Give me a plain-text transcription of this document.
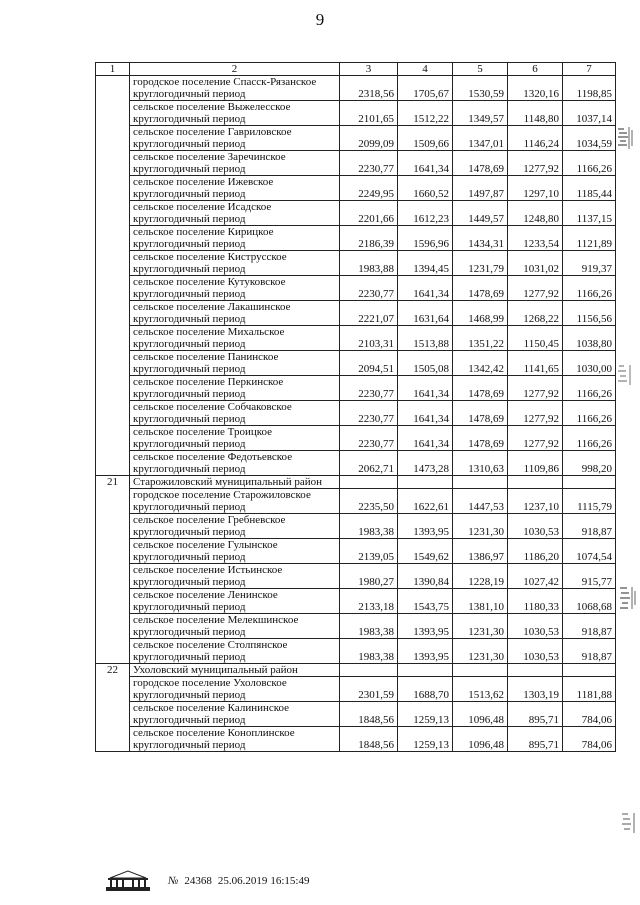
9
1	2	3	4	5	6	7
	городское поселение Спасск-Рязанское					
	круглогодичный период	2318,56	1705,67	1530,59	1320,16	1198,85
	сельское поселение Выжелесское					
	круглогодичный период	2101,65	1512,22	1349,57	1148,80	1037,14
	сельское поселение Гавриловское					
	круглогодичный период	2099,09	1509,66	1347,01	1146,24	1034,59
	сельское поселение Заречинское					
	круглогодичный период	2230,77	1641,34	1478,69	1277,92	1166,26
	сельское поселение Ижевское					
	круглогодичный период	2249,95	1660,52	1497,87	1297,10	1185,44
	сельское поселение Исадское					
	круглогодичный период	2201,66	1612,23	1449,57	1248,80	1137,15
	сельское поселение Кирицкое					
	круглогодичный период	2186,39	1596,96	1434,31	1233,54	1121,89
	сельское поселение Киструсское					
	круглогодичный период	1983,88	1394,45	1231,79	1031,02	919,37
	сельское поселение Кутуковское					
	круглогодичный период	2230,77	1641,34	1478,69	1277,92	1166,26
	сельское поселение Лакашинское					
	круглогодичный период	2221,07	1631,64	1468,99	1268,22	1156,56
	сельское поселение Михальское					
	круглогодичный период	2103,31	1513,88	1351,22	1150,45	1038,80
	сельское поселение Панинское					
	круглогодичный период	2094,51	1505,08	1342,42	1141,65	1030,00
	сельское поселение Перкинское					
	круглогодичный период	2230,77	1641,34	1478,69	1277,92	1166,26
	сельское поселение Собчаковское					
	круглогодичный период	2230,77	1641,34	1478,69	1277,92	1166,26
	сельское поселение Троицкое					
	круглогодичный период	2230,77	1641,34	1478,69	1277,92	1166,26
	сельское поселение Федотьевское					
	круглогодичный период	2062,71	1473,28	1310,63	1109,86	998,20
21	Старожиловский муниципальный район					
	городское поселение Старожиловское					
	круглогодичный период	2235,50	1622,61	1447,53	1237,10	1115,79
	сельское поселение Гребневское					
	круглогодичный период	1983,38	1393,95	1231,30	1030,53	918,87
	сельское поселение Гулынское					
	круглогодичный период	2139,05	1549,62	1386,97	1186,20	1074,54
	сельское поселение Истьинское					
	круглогодичный период	1980,27	1390,84	1228,19	1027,42	915,77
	сельское поселение Ленинское					
	круглогодичный период	2133,18	1543,75	1381,10	1180,33	1068,68
	сельское поселение Мелекшинское					
	круглогодичный период	1983,38	1393,95	1231,30	1030,53	918,87
	сельское поселение Столпянское					
	круглогодичный период	1983,38	1393,95	1231,30	1030,53	918,87
22	Ухоловский муниципальный район					
	городское поселение Ухоловское					
	круглогодичный период	2301,59	1688,70	1513,62	1303,19	1181,88
	сельское поселение Калининское					
	круглогодичный период	1848,56	1259,13	1096,48	895,71	784,06
	сельское поселение Коноплинское					
	круглогодичный период	1848,56	1259,13	1096,48	895,71	784,06
№ 24368 25.06.2019 16:15:49
